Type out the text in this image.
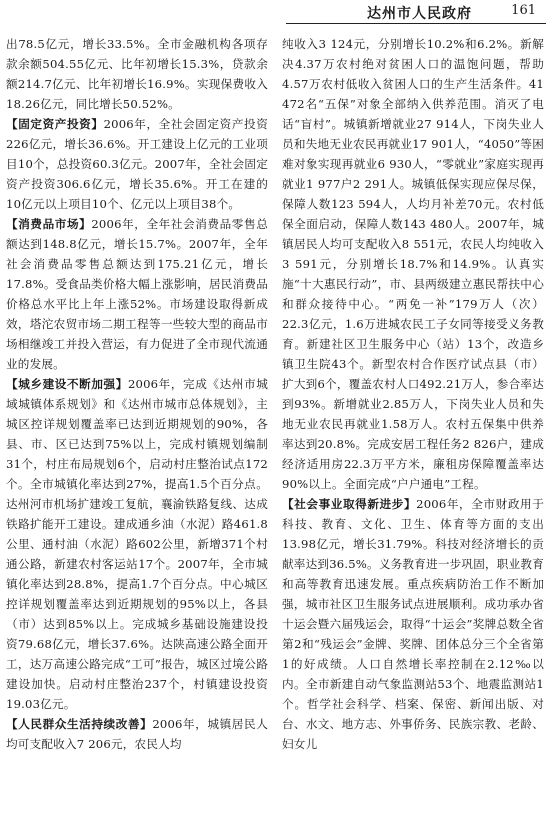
达州市人民政府	161

出78.5亿元，增长33.5%。全市金融机构各项存款余额504.55亿元、比年初增长15.3%，贷款余额214.7亿元、比年初增长16.9%。实现保费收入18.26亿元，同比增长50.52%。

【固定资产投资】2006年，全社会固定资产投资226亿元，增长36.6%。开工建设上亿元的工业项目10个，总投资60.3亿元。2007年，全社会固定资产投资306.6亿元，增长35.6%。开工在建的10亿元以上项目10个、亿元以上项目38个。

【消费品市场】2006年，全年社会消费品零售总额达到148.8亿元，增长15.7%。2007年，全年社会消费品零售总额达到175.21亿元，增长17.8%。受食品类价格大幅上涨影响，居民消费品价格总水平比上年上涨52%。市场建设取得新成效，塔沱农贸市场二期工程等一些较大型的商品市场相继竣工并投入营运，有力促进了全市现代流通业的发展。

【城乡建设不断加强】2006年，完成《达州市城域城镇体系规划》和《达州市城市总体规划》，主城区控详规划覆盖率已达到近期规划的90%，各县、市、区已达到75%以上，完成村镇规划编制31个，村庄布局规划6个，启动村庄整治试点172个。全市城镇化率达到27%，提高1.5个百分点。达州河市机场扩建竣工复航，襄渝铁路复线、达成铁路扩能开工建设。建成通乡油（水泥）路461.8公里、通村油（水泥）路602公里，新增371个村通公路，新建农村客运站17个。2007年，全市城镇化率达到28.8%，提高1.7个百分点。中心城区控详规划覆盖率达到近期规划的95%以上，各县（市）达到85%以上。完成城乡基础设施建设投资79.68亿元，增长37.6%。达陕高速公路全面开工，达万高速公路完成“工可”报告，城区过境公路建设加快。启动村庄整治237个，村镇建设投资19.03亿元。

【人民群众生活持续改善】2006年，城镇居民人均可支配收入7 206元，农民人均

纯收入3 124元，分别增长10.2%和6.2%。新解决4.37万农村绝对贫困人口的温饱问题，帮助4.57万农村低收入贫困人口的生产生活条件。41 472名“五保”对象全部纳入供养范围。消灭了电话“盲村”。城镇新增就业27 914人，下岗失业人员和失地无业农民再就业17 901人，“4050”等困难对象实现再就业6 930人，“零就业”家庭实现再就业1 977户2 291人。城镇低保实现应保尽保，保障人数123 594人，人均月补差70元。农村低保全面启动，保障人数143 480人。2007年，城镇居民人均可支配收入8 551元，农民人均纯收入3 591元，分别增长18.7%和14.9%。认真实施“十大惠民行动”，市、县两级建立惠民帮扶中心和群众接待中心。“两免一补”179万人（次）22.3亿元，1.6万进城农民工子女同等接受义务教育。新建社区卫生服务中心（站）13个，改造乡镇卫生院43个。新型农村合作医疗试点县（市）扩大到6个，覆盖农村人口492.21万人，参合率达到93%。新增就业2.85万人，下岗失业人员和失地无业农民再就业1.58万人。农村五保集中供养率达到20.8%。完成安居工程任务2 826户，建成经济适用房22.3万平方米，廉租房保障覆盖率达90%以上。全面完成“户户通电”工程。

【社会事业取得新进步】2006年，全市财政用于科技、教育、文化、卫生、体育等方面的支出13.98亿元，增长31.79%。科技对经济增长的贡献率达到36.5%。义务教育进一步巩固，职业教育和高等教育迅速发展。重点疾病防治工作不断加强，城市社区卫生服务试点进展顺利。成功承办省十运会暨六届残运会，取得“十运会”奖牌总数全省第2和“残运会”金牌、奖牌、团体总分三个全省第1的好成绩。人口自然增长率控制在2.12‰以内。全市新建自动气象监测站53个、地震监测站1个。哲学社会科学、档案、保密、新闻出版、对台、水文、地方志、外事侨务、民族宗教、老龄、妇女儿
